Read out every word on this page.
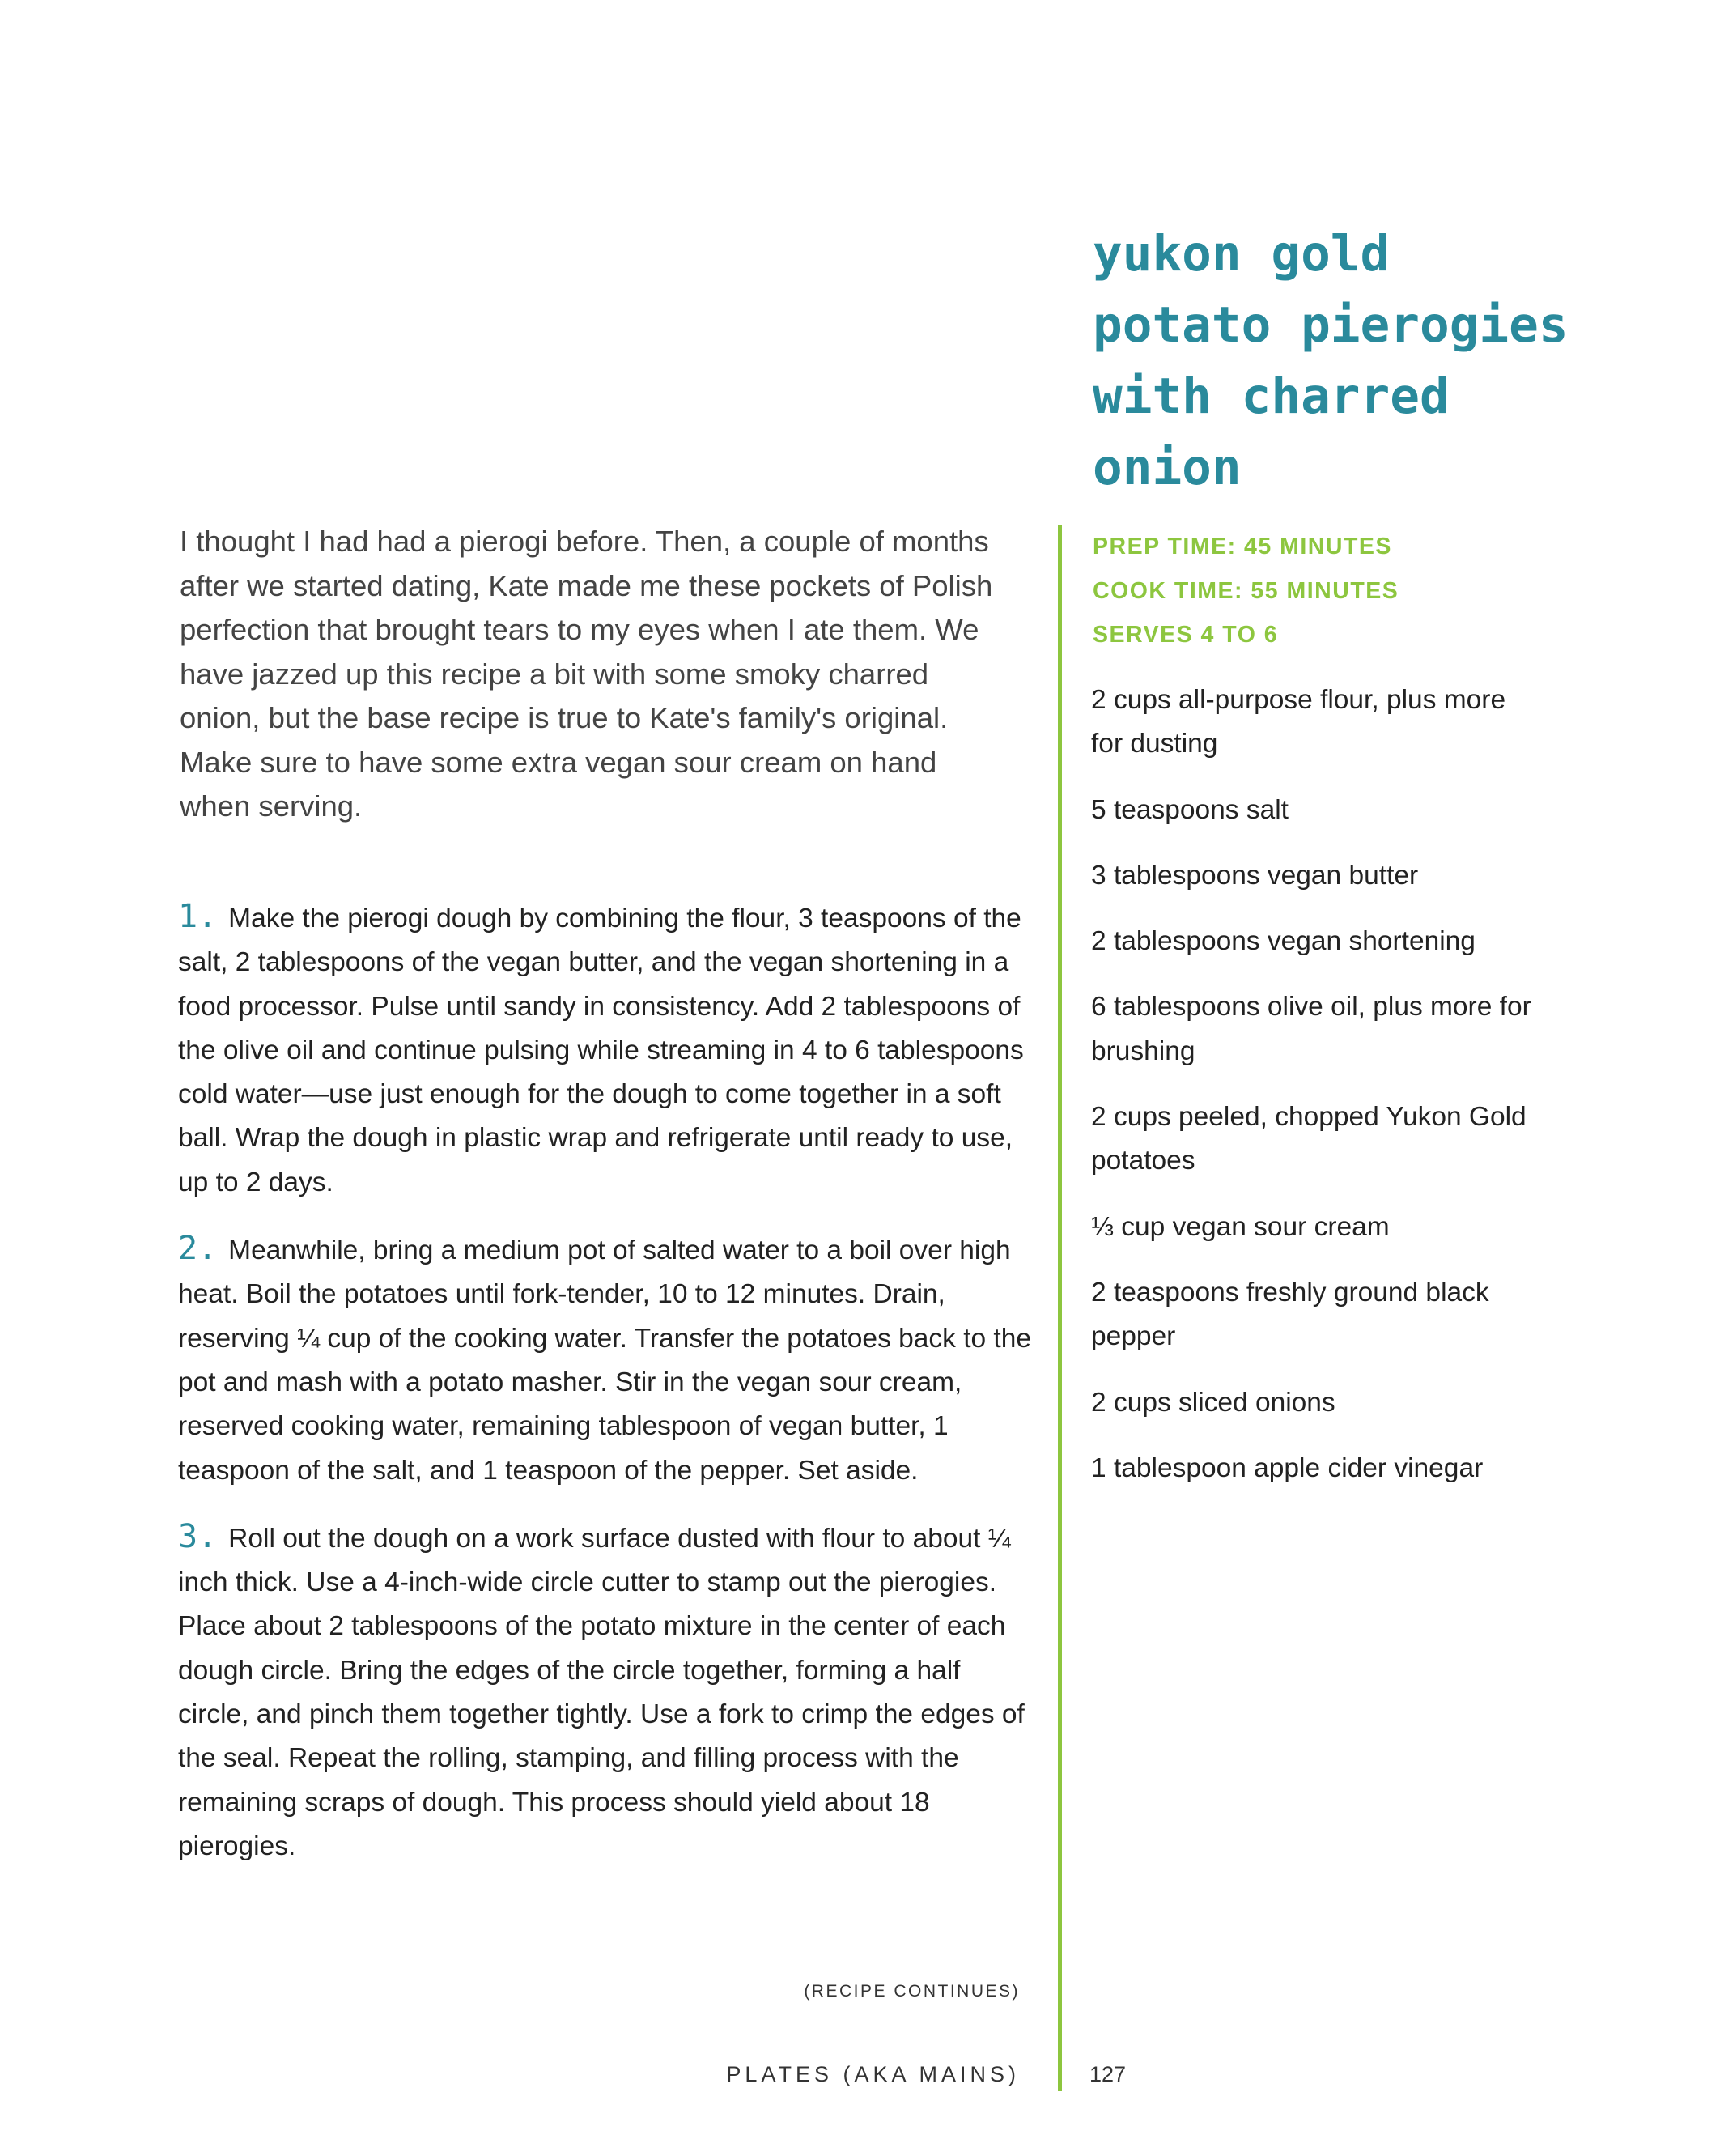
yukon gold
potato pierogies
with charred
onion

I thought I had had a pierogi before. Then, a couple of months after we started dating, Kate made me these pockets of Polish perfection that brought tears to my eyes when I ate them. We have jazzed up this recipe a bit with some smoky charred onion, but the base recipe is true to Kate's family's original. Make sure to have some extra vegan sour cream on hand when serving.

1. Make the pierogi dough by combining the flour, 3 teaspoons of the salt, 2 tablespoons of the vegan butter, and the vegan shortening in a food processor. Pulse until sandy in consistency. Add 2 tablespoons of the olive oil and continue pulsing while streaming in 4 to 6 tablespoons cold water—use just enough for the dough to come together in a soft ball. Wrap the dough in plastic wrap and refrigerate until ready to use, up to 2 days.

2. Meanwhile, bring a medium pot of salted water to a boil over high heat. Boil the potatoes until fork-tender, 10 to 12 minutes. Drain, reserving ¼ cup of the cooking water. Transfer the potatoes back to the pot and mash with a potato masher. Stir in the vegan sour cream, reserved cooking water, remaining tablespoon of vegan butter, 1 teaspoon of the salt, and 1 teaspoon of the pepper. Set aside.

3. Roll out the dough on a work surface dusted with flour to about ¼ inch thick. Use a 4-inch-wide circle cutter to stamp out the pierogies. Place about 2 tablespoons of the potato mixture in the center of each dough circle. Bring the edges of the circle together, forming a half circle, and pinch them together tightly. Use a fork to crimp the edges of the seal. Repeat the rolling, stamping, and filling process with the remaining scraps of dough. This process should yield about 18 pierogies.

PREP TIME: 45 MINUTES
COOK TIME: 55 MINUTES
SERVES 4 TO 6

2 cups all-purpose flour, plus more for dusting

5 teaspoons salt

3 tablespoons vegan butter

2 tablespoons vegan shortening

6 tablespoons olive oil, plus more for brushing

2 cups peeled, chopped Yukon Gold potatoes

⅓ cup vegan sour cream

2 teaspoons freshly ground black pepper

2 cups sliced onions

1 tablespoon apple cider vinegar

(RECIPE CONTINUES)
PLATES (AKA MAINS)	127
